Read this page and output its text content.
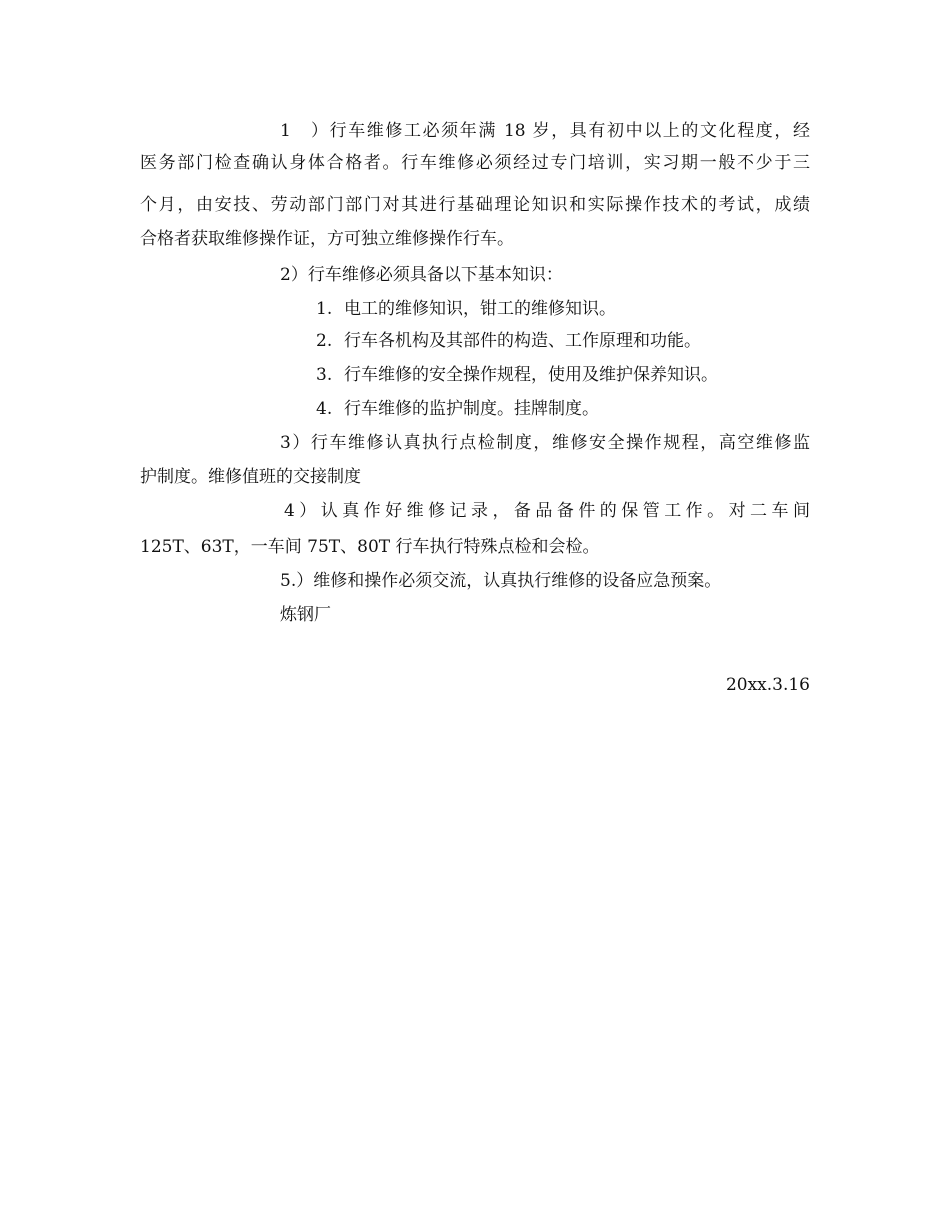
1）行车维修工必须年满 18 岁，具有初中以上的文化程度，经
医务部门检查确认身体合格者。行车维修必须经过专门培训，实习期一般不少于三
个月，由安技、劳动部门部门对其进行基础理论知识和实际操作技术的考试，成绩
合格者获取维修操作证，方可独立维修操作行车。
2）行车维修必须具备以下基本知识：
1. 电工的维修知识，钳工的维修知识。
2. 行车各机构及其部件的构造、工作原理和功能。
3. 行车维修的安全操作规程，使用及维护保养知识。
4. 行车维修的监护制度。挂牌制度。
3）行车维修认真执行点检制度，维修安全操作规程，高空维修监
护制度。维修值班的交接制度
4）认真作好维修记录，备品备件的保管工作。对二车间
125T、63T，一车间 75T、80T 行车执行特殊点检和会检。
5.）维修和操作必须交流，认真执行维修的设备应急预案。
炼钢厂
20xx.3.16
